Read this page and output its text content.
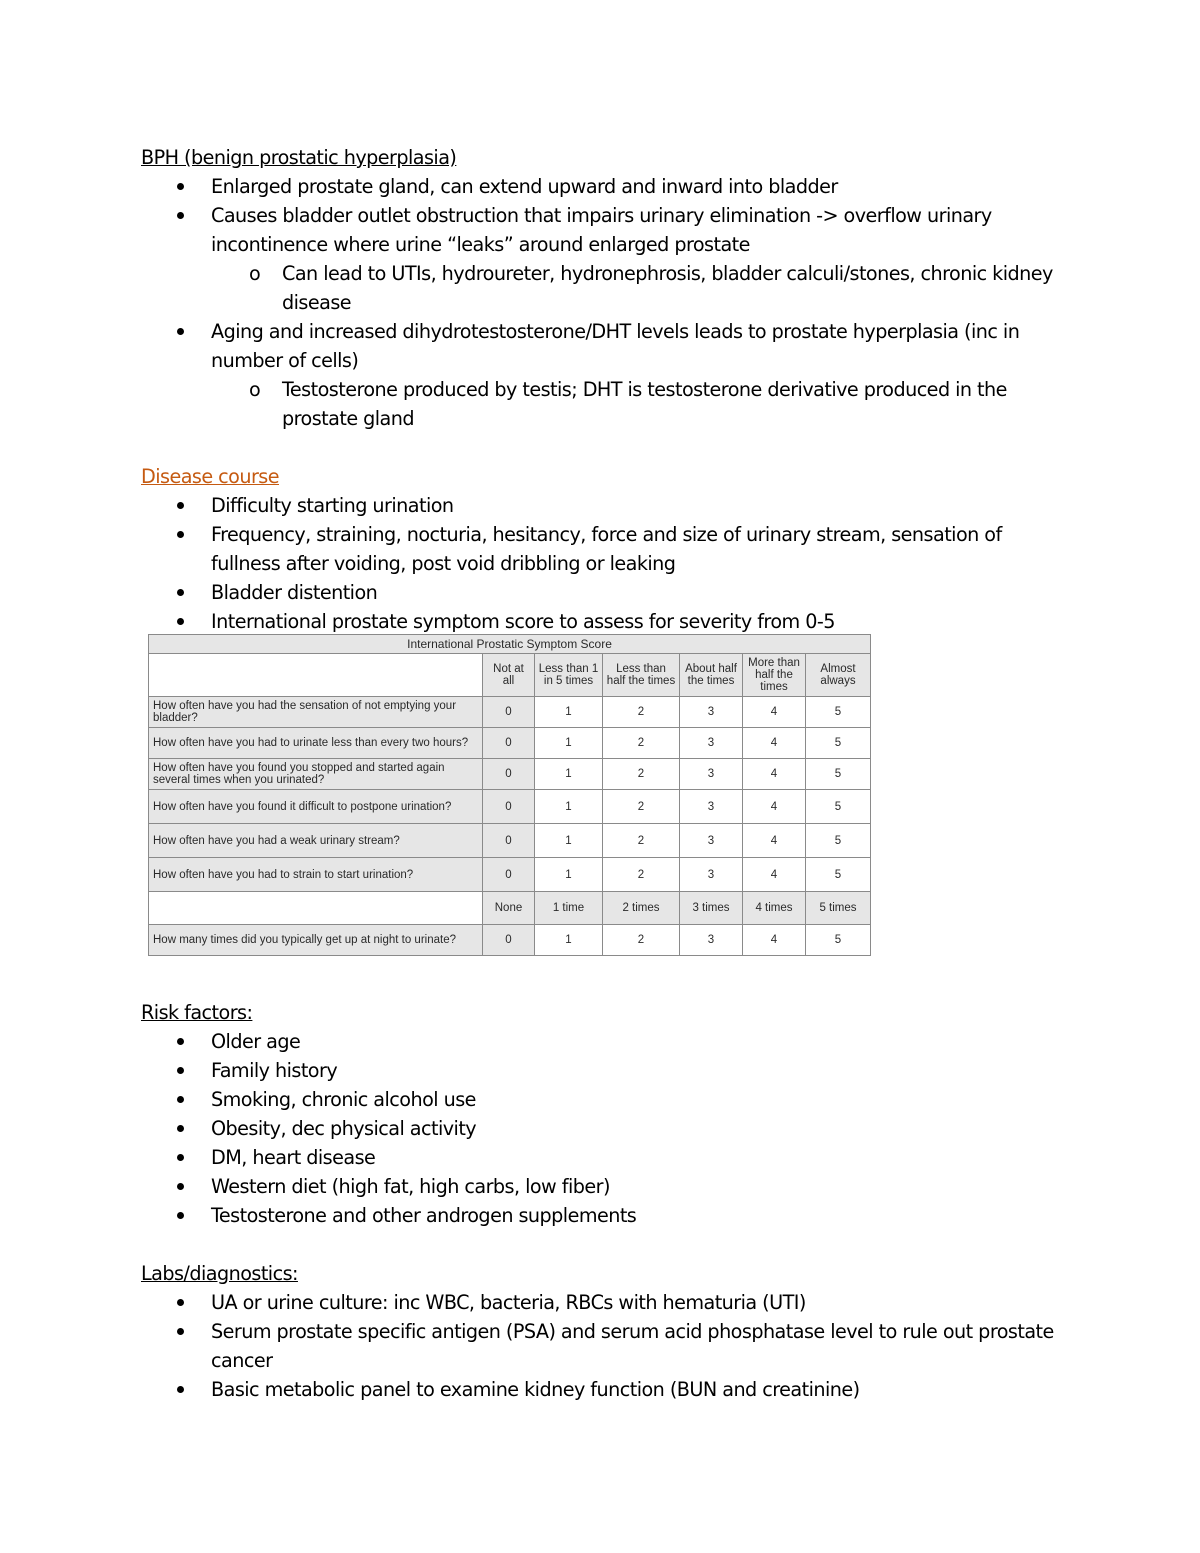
BPH (benign prostatic hyperplasia)
Enlarged prostate gland, can extend upward and inward into bladder
Causes bladder outlet obstruction that impairs urinary elimination -> overflow urinary incontinence where urine “leaks” around enlarged prostate
o Can lead to UTIs, hydroureter, hydronephrosis, bladder calculi/stones, chronic kidney disease
Aging and increased dihydrotestosterone/DHT levels leads to prostate hyperplasia (inc in number of cells)
o Testosterone produced by testis; DHT is testosterone derivative produced in the prostate gland
Disease course
Difficulty starting urination
Frequency, straining, nocturia, hesitancy, force and size of urinary stream, sensation of fullness after voiding, post void dribbling or leaking
Bladder distention
International prostate symptom score to assess for severity from 0-5
International Prostatic Symptom Score						
	Not at all	Less than 1 in 5 times	Less than half the times	About half the times	More than half the times	Almost always
How often have you had the sensation of not emptying your bladder?	0	1	2	3	4	5
How often have you had to urinate less than every two hours?	0	1	2	3	4	5
How often have you found you stopped and started again several times when you urinated?	0	1	2	3	4	5
How often have you found it difficult to postpone urination?	0	1	2	3	4	5
How often have you had a weak urinary stream?	0	1	2	3	4	5
How often have you had to strain to start urination?	0	1	2	3	4	5
	None	1 time	2 times	3 times	4 times	5 times
How many times did you typically get up at night to urinate?	0	1	2	3	4	5
Risk factors:
Older age
Family history
Smoking, chronic alcohol use
Obesity, dec physical activity
DM, heart disease
Western diet (high fat, high carbs, low fiber)
Testosterone and other androgen supplements
Labs/diagnostics:
UA or urine culture: inc WBC, bacteria, RBCs with hematuria (UTI)
Serum prostate specific antigen (PSA) and serum acid phosphatase level to rule out prostate cancer
Basic metabolic panel to examine kidney function (BUN and creatinine)
